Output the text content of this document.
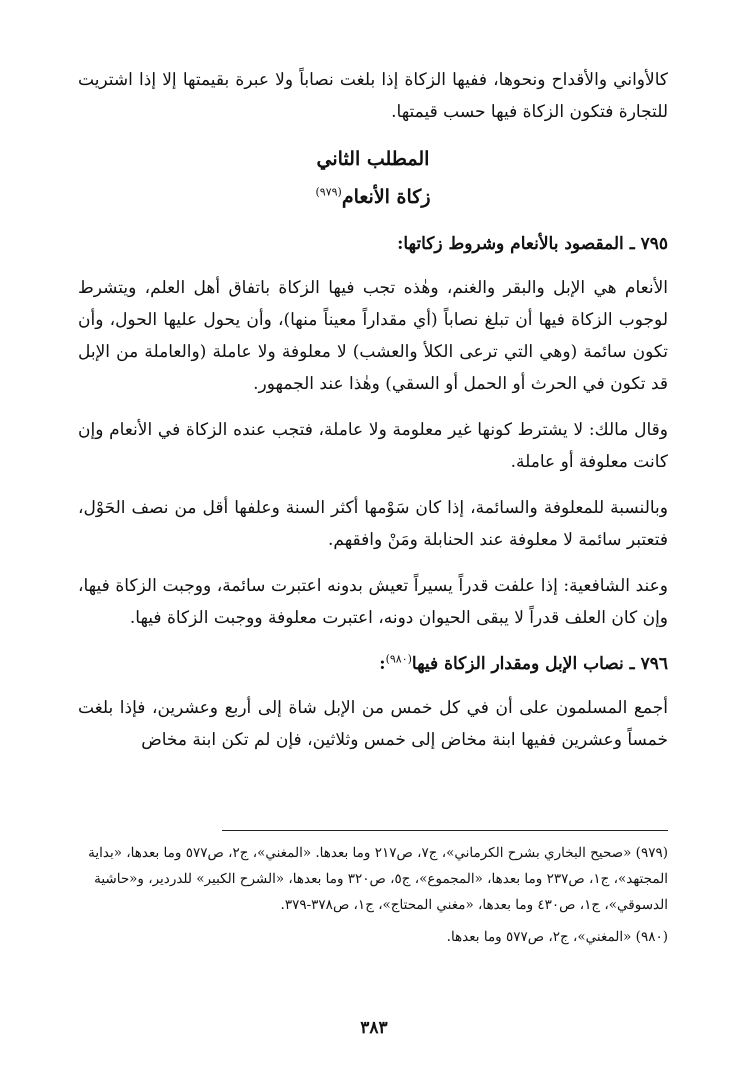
كالأواني والأقداح ونحوها، ففيها الزكاة إذا بلغت نصاباً ولا عبرة بقيمتها إلا إذا اشتريت للتجارة فتكون الزكاة فيها حسب قيمتها.

المطلب الثاني
زكاة الأنعام$^{(٩٧٩)}$
٧٩٥ ـ المقصود بالأنعام وشروط زكاتها:

الأنعام هي الإبل والبقر والغنم، وهٰذه تجب فيها الزكاة باتفاق أهل العلم، ويتشرط لوجوب الزكاة فيها أن تبلغ نصاباً (أي مقداراً معيناً منها)، وأن يحول عليها الحول، وأن تكون سائمة (وهي التي ترعى الكلأ والعشب) لا معلوفة ولا عاملة (والعاملة من الإبل قد تكون في الحرث أو الحمل أو السقي) وهٰذا عند الجمهور.

وقال مالك: لا يشترط كونها غير معلومة ولا عاملة، فتجب عنده الزكاة في الأنعام وإن كانت معلوفة أو عاملة.

وبالنسبة للمعلوفة والسائمة، إذا كان سَوْمها أكثر السنة وعلفها أقل من نصف الحَوْل، فتعتبر سائمة لا معلوفة عند الحنابلة ومَنْ وافقهم.

وعند الشافعية: إذا علفت قدراً يسيراً تعيش بدونه اعتبرت سائمة، ووجبت الزكاة فيها، وإن كان العلف قدراً لا يبقى الحيوان دونه، اعتبرت معلوفة ووجبت الزكاة فيها.

٧٩٦ ـ نصاب الإبل ومقدار الزكاة فيها$^{(٩٨٠)}$:

أجمع المسلمون على أن في كل خمس من الإبل شاة إلى أربع وعشرين، فإذا بلغت خمساً وعشرين ففيها ابنة مخاض إلى خمس وثلاثين، فإن لم تكن ابنة مخاض

(٩٧٩) «صحيح البخاري بشرح الكرماني»، ج٧، ص٢١٧ وما بعدها. «المغني»، ج٢، ص٥٧٧ وما بعدها، «بداية المجتهد»، ج١، ص٢٣٧ وما بعدها، «المجموع»، ج٥، ص٣٢٠ وما بعدها، «الشرح الكبير» للدردير، و«حاشية الدسوقي»، ج١، ص٤٣٠ وما بعدها، «مغني المحتاج»، ج١، ص٣٧٨-٣٧٩.

(٩٨٠) «المغني»، ج٢، ص٥٧٧ وما بعدها.

٣٨٣
